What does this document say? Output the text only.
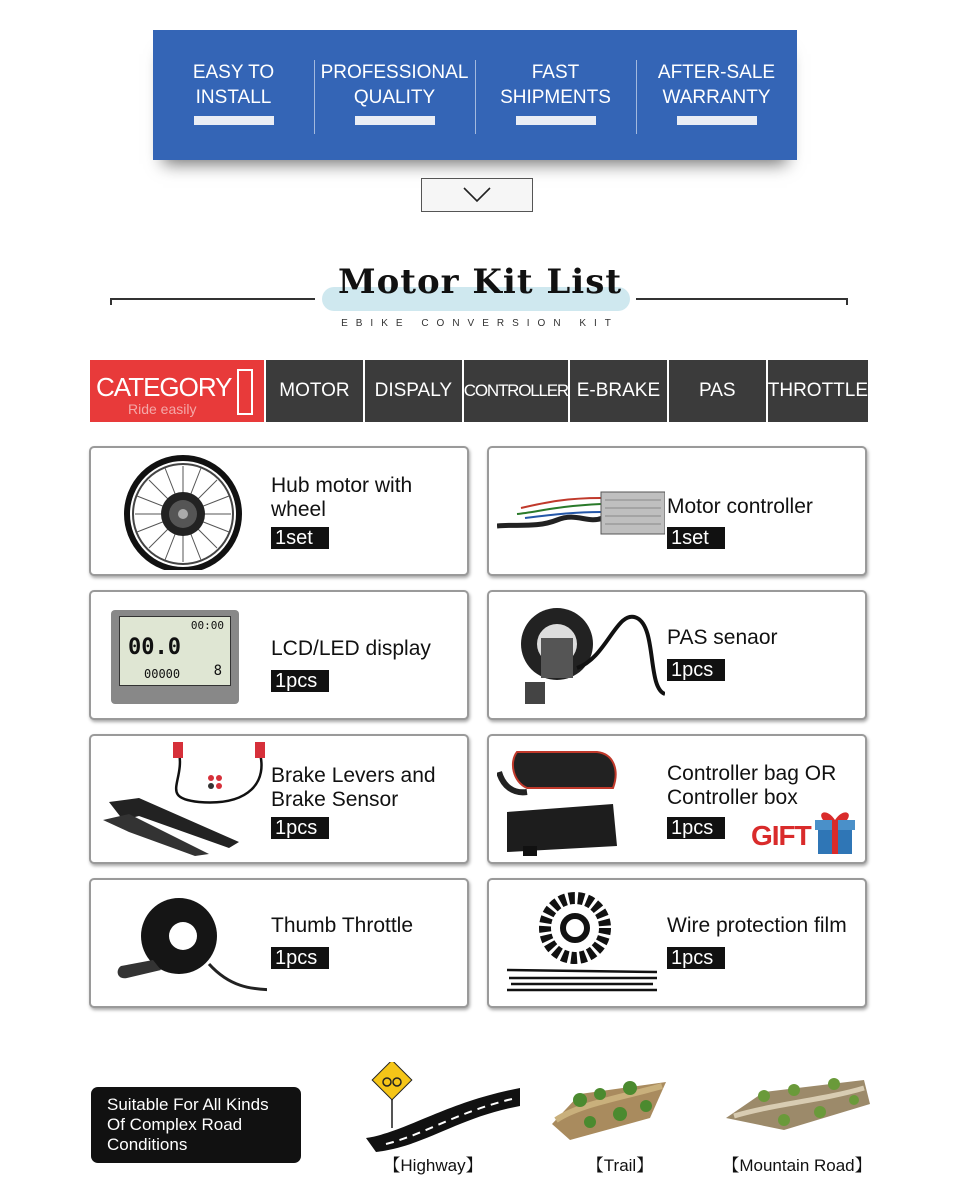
EASY TO
INSTALL
PROFESSIONAL
QUALITY
FAST
SHIPMENTS
AFTER-SALE
WARRANTY
Motor Kit List
EBIKE CONVERSION KIT
CATEGORY
Ride easily
MOTOR	DISPALY CONTROLLER E-BRAKE	PAS	THROTTLE
Hub motor with
wheel
1set
Motor controller
1set
00:00
00.0
00000 8
LCD/LED display
1pcs
PAS senaor
1pcs
Brake Levers and
Brake Sensor
1pcs
Controller bag OR
Controller box
1pcs	GIFT
Thumb Throttle
1pcs
Wire protection film
1pcs
Suitable For All Kinds
Of Complex Road
Conditions
【Highway】	【Trail】	【Mountain Road】
